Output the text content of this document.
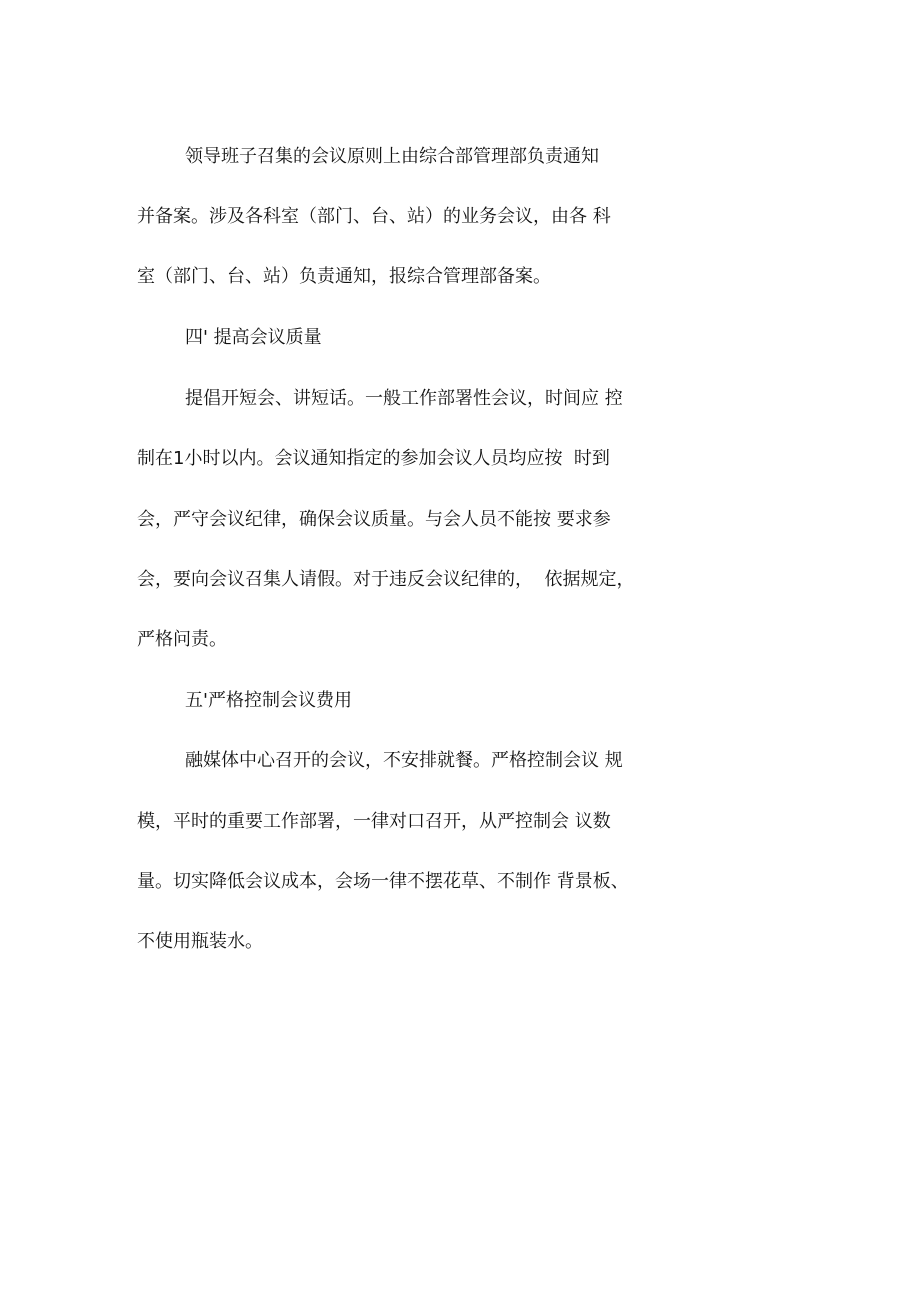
领导班子召集的会议原则上由综合部管理部负责通知
并备案。涉及各科室（部门、台、站）的业务会议，由各 科
室（部门、台、站）负责通知，报综合管理部备案。
四' 提高会议质量
提倡开短会、讲短话。一般工作部署性会议，时间应 控
制在1小时以内。会议通知指定的参加会议人员均应按  时到
会，严守会议纪律，确保会议质量。与会人员不能按 要求参
会，要向会议召集人请假。对于违反会议纪律的，  依据规定，
严格问责。
五'严格控制会议费用
融媒体中心召开的会议，不安排就餐。严格控制会议 规
模，平时的重要工作部署，一律对口召开，从严控制会 议数
量。切实降低会议成本，会场一律不摆花草、不制作 背景板、
不使用瓶装水。
